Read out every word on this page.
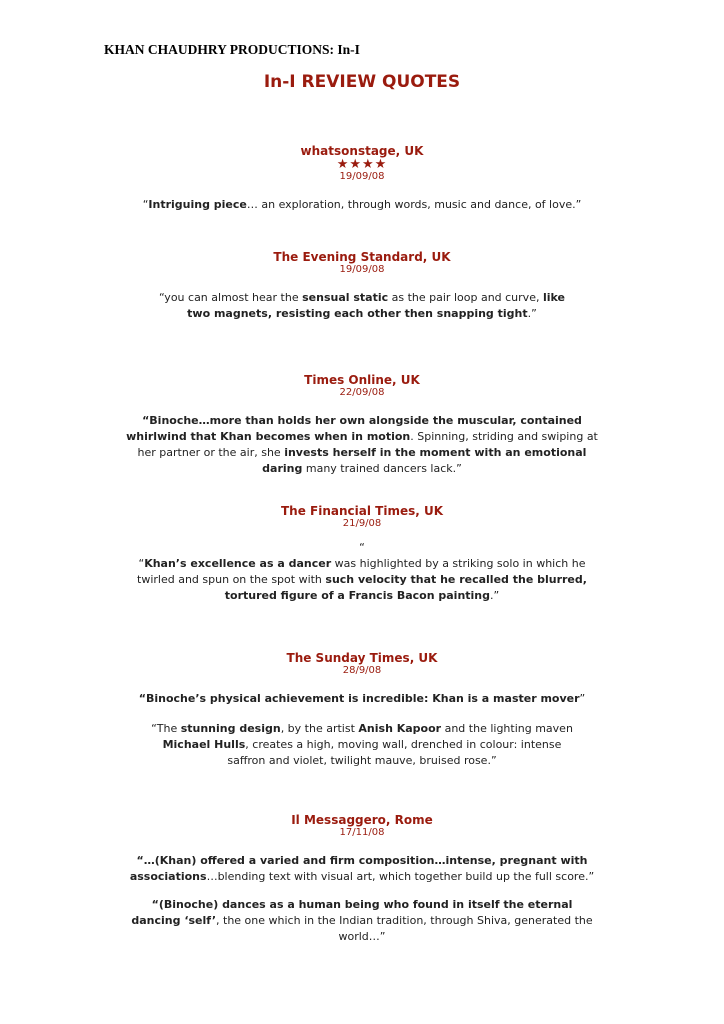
KHAN CHAUDHRY PRODUCTIONS: In-I
In-I REVIEW QUOTES
whatsonstage, UK
★★★★
19/09/08
“Intriguing piece… an exploration, through words, music and dance, of love.”
The Evening Standard, UK
19/09/08
“you can almost hear the sensual static as the pair loop and curve, like two magnets, resisting each other then snapping tight.”
Times Online, UK
22/09/08
“Binoche…more than holds her own alongside the muscular, contained whirlwind that Khan becomes when in motion. Spinning, striding and swiping at her partner or the air, she invests herself in the moment with an emotional daring many trained dancers lack.”
The Financial Times, UK
21/9/08
“
“Khan’s excellence as a dancer was highlighted by a striking solo in which he twirled and spun on the spot with such velocity that he recalled the blurred, tortured figure of a Francis Bacon painting.”
The Sunday Times, UK
28/9/08
“Binoche’s physical achievement is incredible: Khan is a master mover”
“The stunning design, by the artist Anish Kapoor and the lighting maven Michael Hulls, creates a high, moving wall, drenched in colour: intense saffron and violet, twilight mauve, bruised rose.”
Il Messaggero, Rome
17/11/08
“…(Khan) offered a varied and firm composition…intense, pregnant with associations…blending text with visual art, which together build up the full score.”
“(Binoche) dances as a human being who found in itself the eternal dancing ‘self’, the one which in the Indian tradition, through Shiva, generated the world…”
